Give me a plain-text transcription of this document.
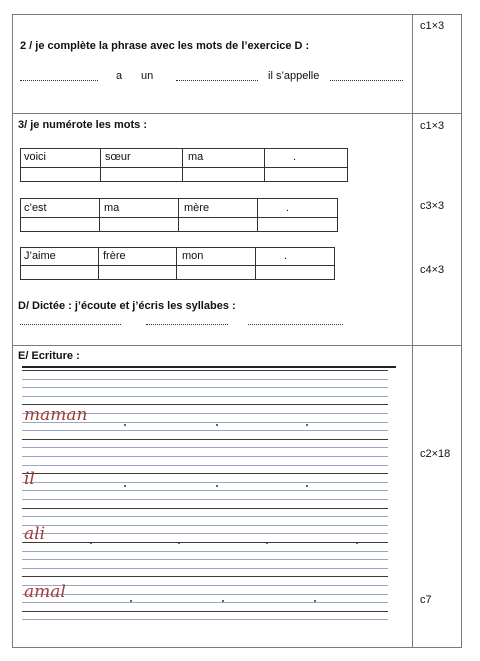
c1×3
c1×3
c3×3
c4×3
c2×18
c7
2 / je complète la phrase avec les mots de l’exercice D :
a un	il s’appelle
3/ je numérote les mots :
voici	sœur	ma	.
c’est	ma	mère	.
J’aime	frère	mon	.
D/ Dictée : j’écoute et j’écris les syllabes :
E/ Ecriture :
maman
il
ali
amal
